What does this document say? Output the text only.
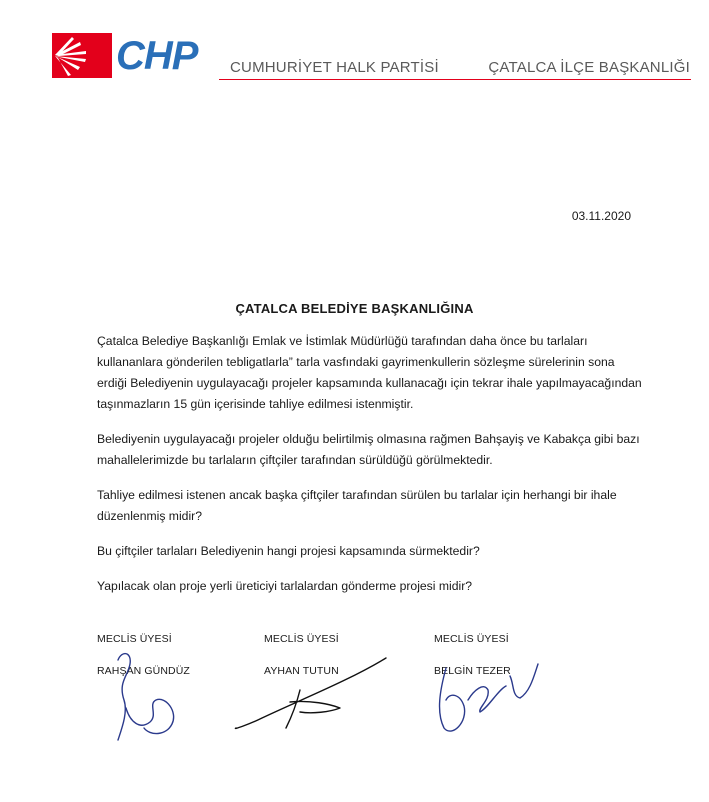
CHP CUMHURİYET HALK PARTİSİ	ÇATALCA İLÇE BAŞKANLIĞI
03.11.2020
ÇATALCA BELEDİYE BAŞKANLIĞINA

Çatalca Belediye Başkanlığı Emlak ve İstimlak Müdürlüğü tarafından daha önce bu tarlaları kullananlara gönderilen tebligatlarla” tarla vasfındaki gayrimenkullerin sözleşme sürelerinin sona erdiği Belediyenin uygulayacağı projeler kapsamında kullanacağı için tekrar ihale yapılmayacağından taşınmazların 15 gün içerisinde tahliye edilmesi istenmiştir.

Belediyenin uygulayacağı projeler olduğu belirtilmiş olmasına rağmen Bahşayiş ve Kabakça gibi bazı mahallelerimizde bu tarlaların çiftçiler tarafından sürüldüğü görülmektedir.

Tahliye edilmesi istenen ancak başka çiftçiler tarafından sürülen bu tarlalar için herhangi bir ihale düzenlenmiş midir?

Bu çiftçiler tarlaları Belediyenin hangi projesi kapsamında sürmektedir?

Yapılacak olan proje yerli üreticiyi tarlalardan gönderme projesi midir?

MECLİS ÜYESİ
RAHŞAN GÜNDÜZ
MECLİS ÜYESİ
AYHAN TUTUN
MECLİS ÜYESİ
BELGİN TEZER
